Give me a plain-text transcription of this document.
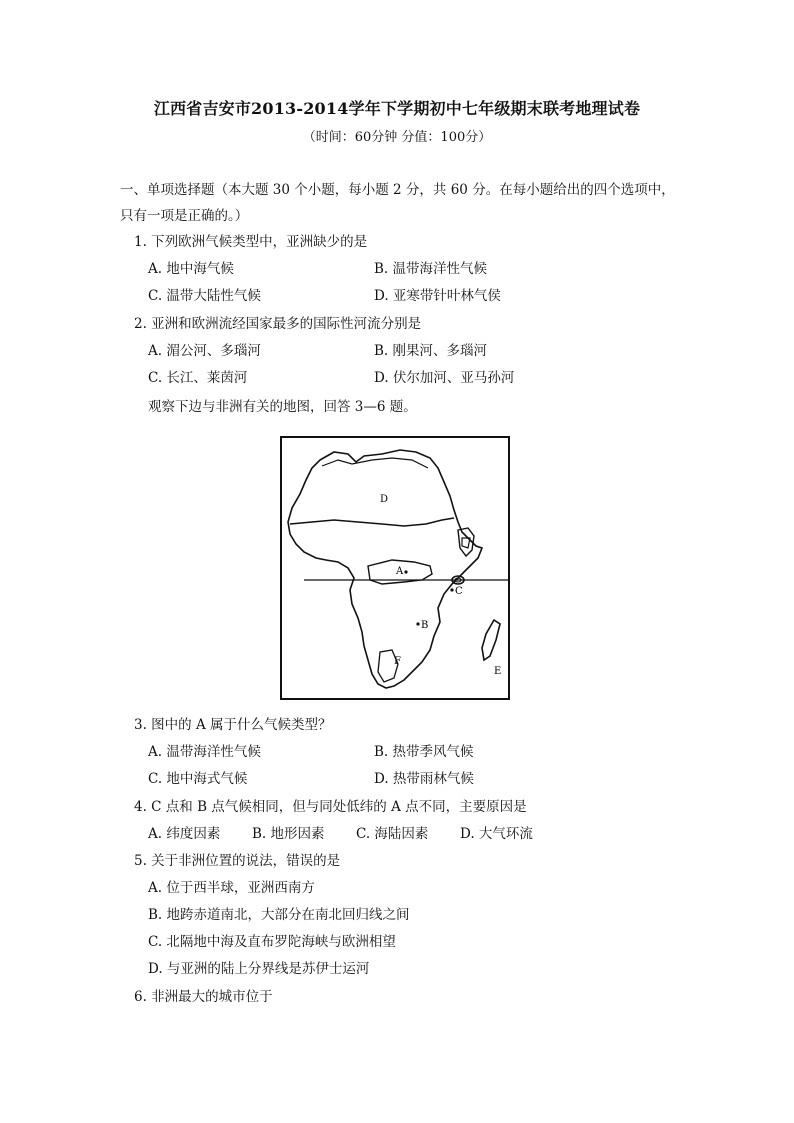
江西省吉安市2013-2014学年下学期初中七年级期末联考地理试卷
（时间：60分钟 分值：100分）
一、单项选择题（本大题 30 个小题，每小题 2 分，共 60 分。在每小题给出的四个选项中，
只有一项是正确的。）
1. 下列欧洲气候类型中，亚洲缺少的是
A. 地中海气候	B. 温带海洋性气候
C. 温带大陆性气候	D. 亚寒带针叶林气侯
2. 亚洲和欧洲流经国家最多的国际性河流分别是
A. 湄公河、多瑙河	B. 刚果河、多瑙河
C. 长江、莱茵河	D. 伏尔加河、亚马孙河
观察下边与非洲有关的地图，回答 3—6 题。
D
A
C
B
F
E
3. 图中的 A 属于什么气候类型？
A. 温带海洋性气候	B. 热带季风气候
C. 地中海式气候	D. 热带雨林气候
4. C 点和 B 点气候相同，但与同处低纬的 A 点不同，主要原因是
A. 纬度因素 B. 地形因素 C. 海陆因素 D. 大气环流
5. 关于非洲位置的说法，错误的是
A. 位于西半球，亚洲西南方
B. 地跨赤道南北，大部分在南北回归线之间
C. 北隔地中海及直布罗陀海峡与欧洲相望
D. 与亚洲的陆上分界线是苏伊士运河
6. 非洲最大的城市位于
